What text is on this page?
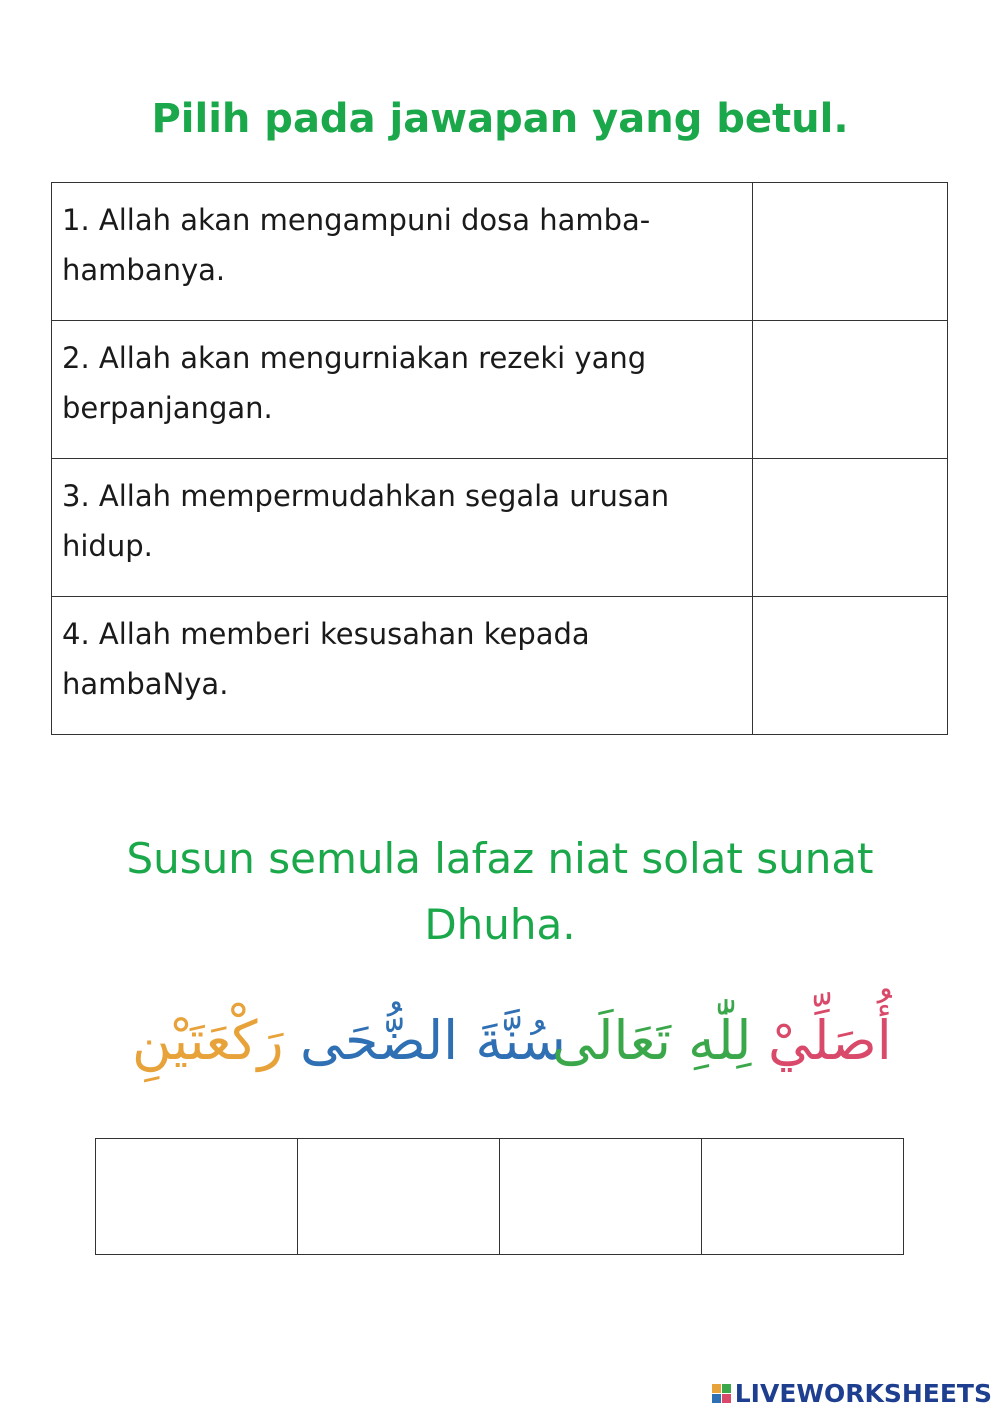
Pilih pada jawapan yang betul.
1. Allah akan mengampuni dosa hamba-
hambanya.	

2. Allah akan mengurniakan rezeki yang
berpanjangan.	

3. Allah mempermudahkan segala urusan
hidup.	

4. Allah memberi kesusahan kepada
hambaNya.	

Susun semula lafaz niat solat sunat
Dhuha.
رَكْعَتَيْنِ سُنَّةَ الضُّحَى
لِلّٰهِ تَعَالَى أُصَلِّيْ

LIVEWORKSHEETS
